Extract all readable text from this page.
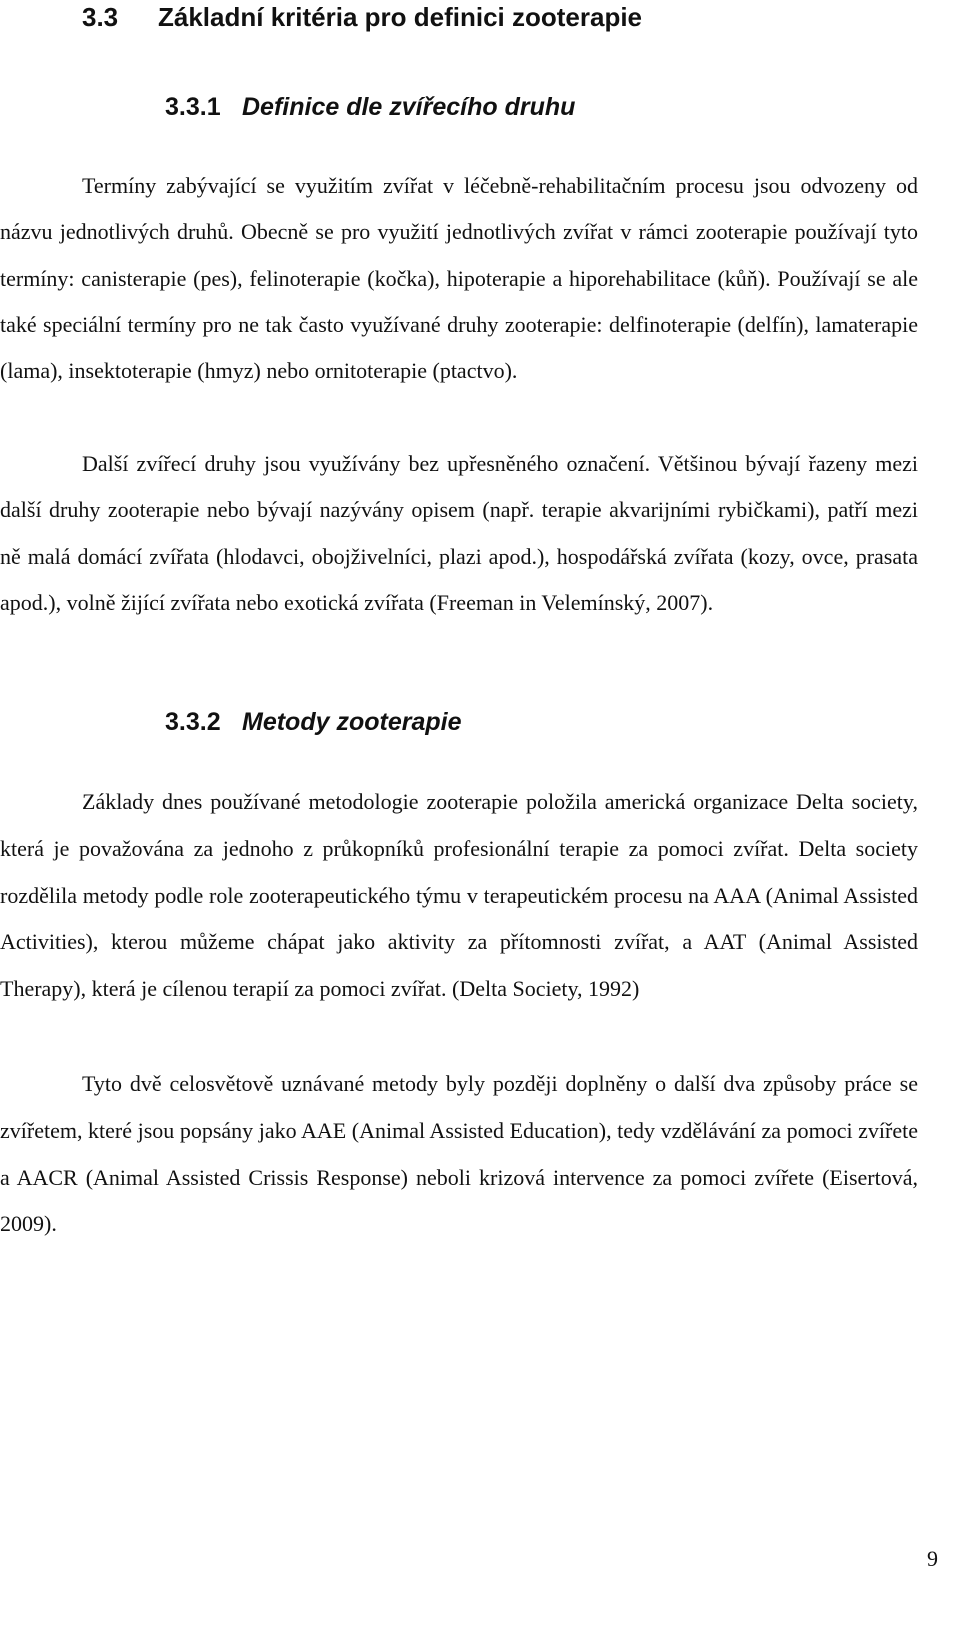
3.3 Základní kritéria pro definici zooterapie
3.3.1 Definice dle zvířecího druhu

Termíny zabývající se využitím zvířat v léčebně-rehabilitačním procesu jsou odvozeny od názvu jednotlivých druhů. Obecně se pro využití jednotlivých zvířat v rámci zooterapie používají tyto termíny: canisterapie (pes), felinoterapie (kočka), hipoterapie a hiporehabilitace (kůň). Používají se ale také speciální termíny pro ne tak často využívané druhy zooterapie: delfinoterapie (delfín), lamaterapie (lama), insektoterapie (hmyz) nebo ornitoterapie (ptactvo).

Další zvířecí druhy jsou využívány bez upřesněného označení. Většinou bývají řazeny mezi další druhy zooterapie nebo bývají nazývány opisem (např. terapie akvarijními rybičkami), patří mezi ně malá domácí zvířata (hlodavci, obojživelníci, plazi apod.), hospodářská zvířata (kozy, ovce, prasata apod.), volně žijící zvířata nebo exotická zvířata (Freeman in Velemínský, 2007).

3.3.2 Metody zooterapie

Základy dnes používané metodologie zooterapie položila americká organizace Delta society, která je považována za jednoho z průkopníků profesionální terapie za pomoci zvířat. Delta society rozdělila metody podle role zooterapeutického týmu v terapeutickém procesu na AAA (Animal Assisted Activities), kterou můžeme chápat jako aktivity za přítomnosti zvířat, a AAT (Animal Assisted Therapy), která je cílenou terapií za pomoci zvířat. (Delta Society, 1992)

Tyto dvě celosvětově uznávané metody byly později doplněny o další dva způsoby práce se zvířetem, které jsou popsány jako AAE (Animal Assisted Education), tedy vzdělávání za pomoci zvířete a AACR (Animal Assisted Crissis Response) neboli krizová intervence za pomoci zvířete (Eisertová, 2009).

9
